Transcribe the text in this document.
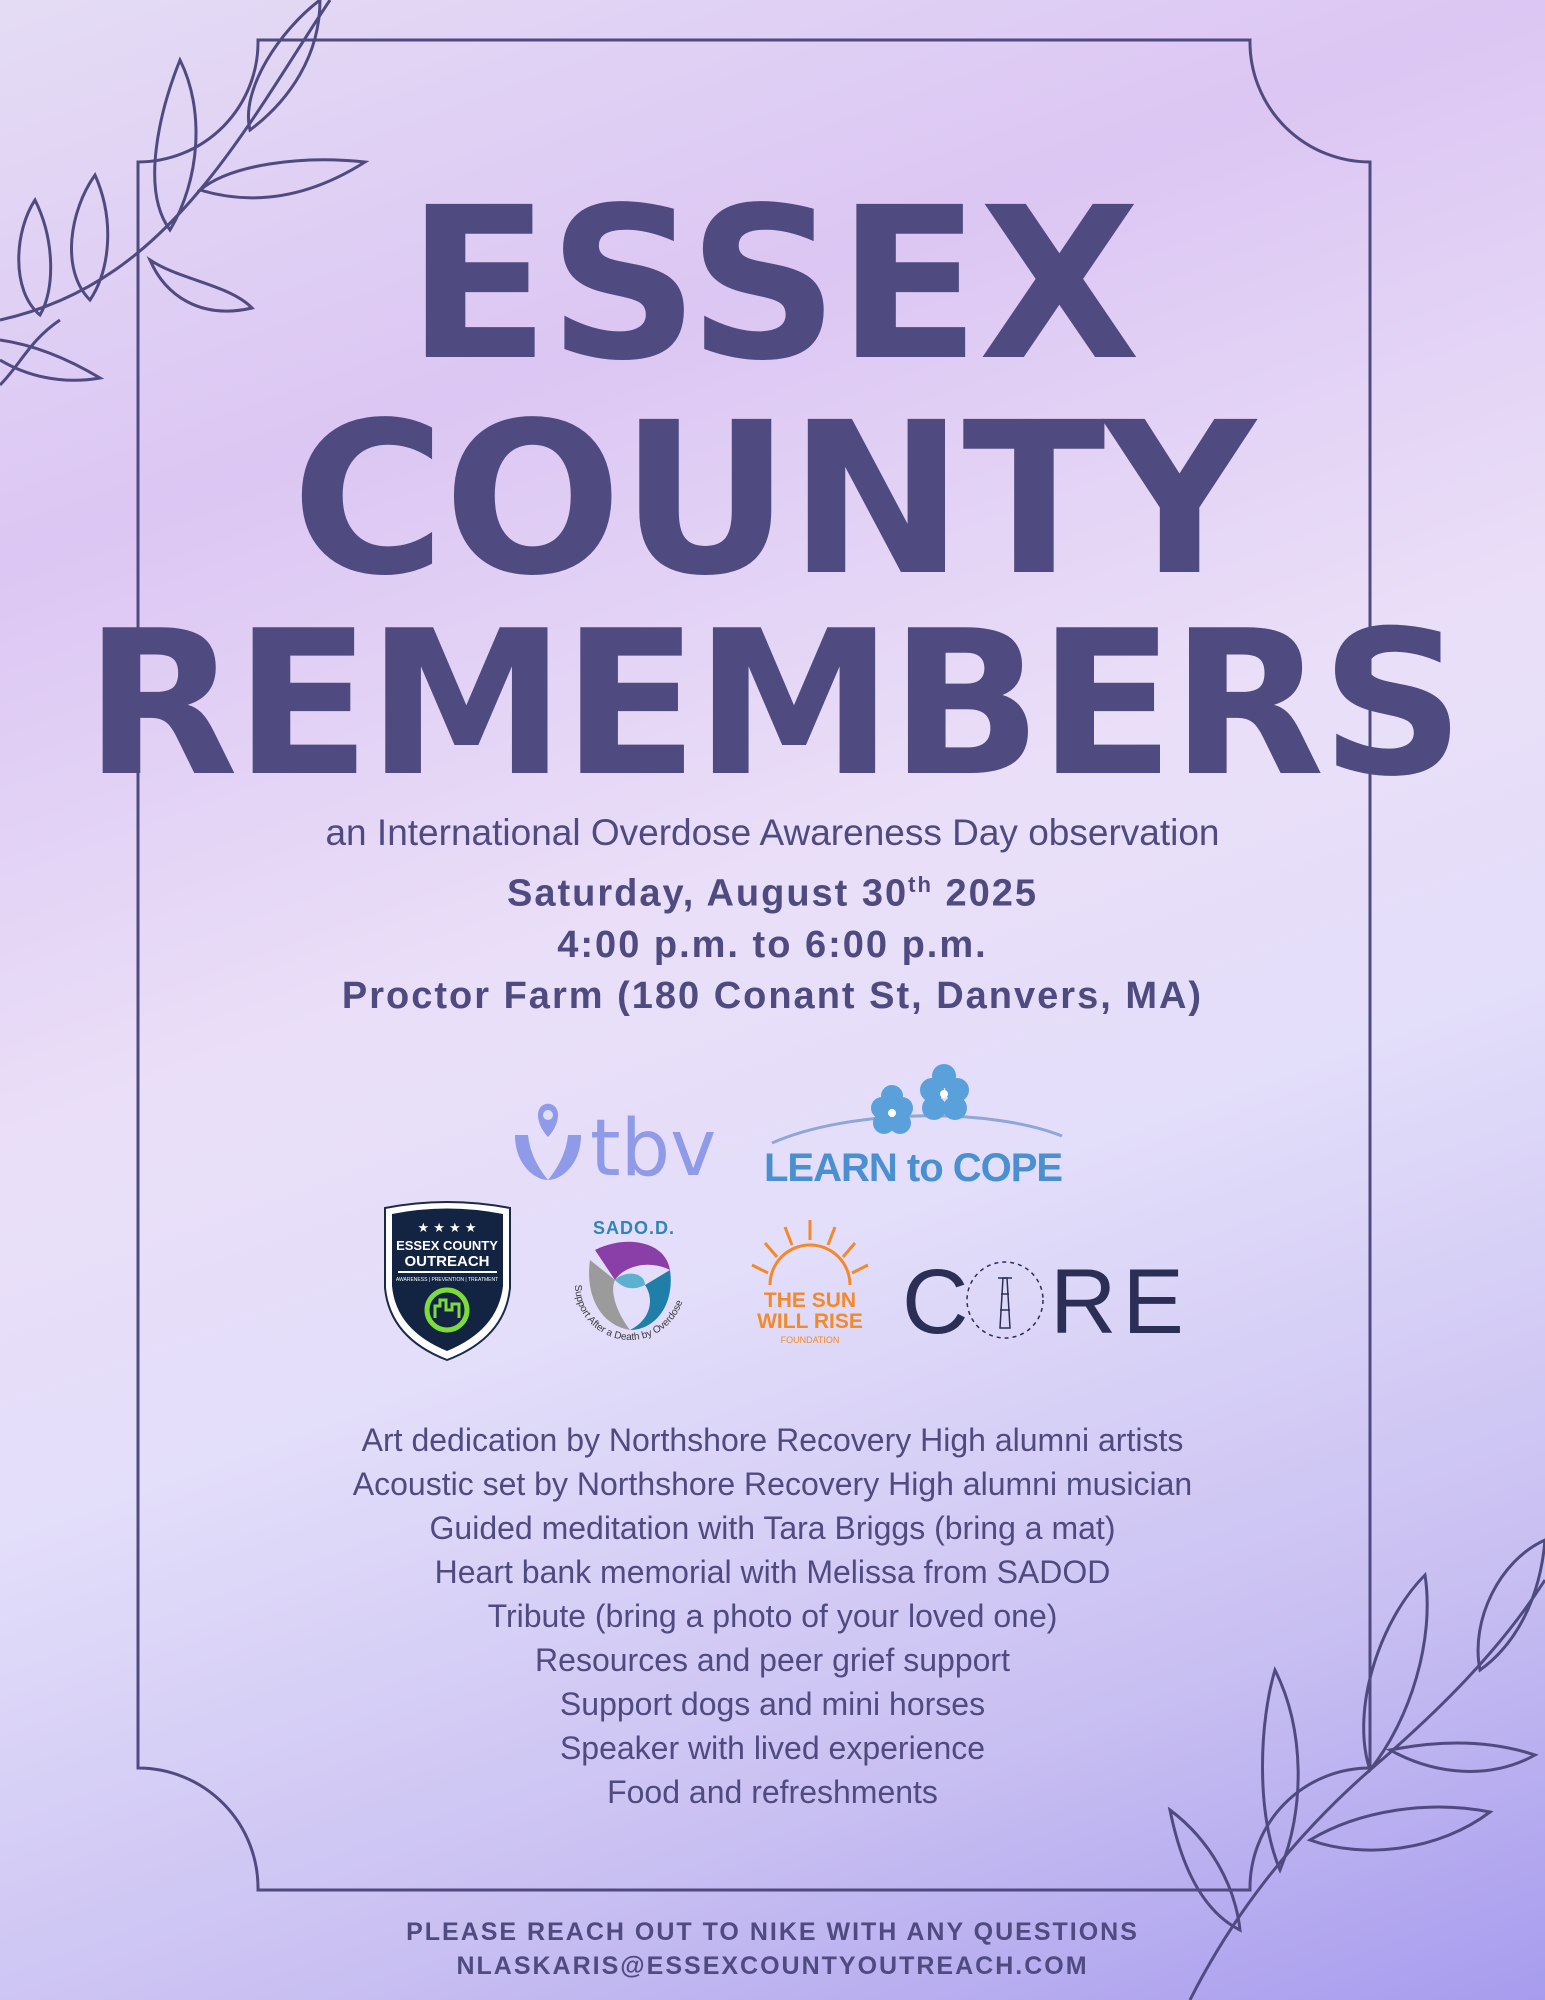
ESSEX
COUNTY
REMEMBERS
an International Overdose Awareness Day observation
Saturday, August 30th 2025
4:00 p.m. to 6:00 p.m.
Proctor Farm (180 Conant St, Danvers, MA)
tbv LEARN to COPE
★ ★ ★ ★
ESSEX COUNTY
OUTREACH
AWARENESS | PREVENTION | TREATMENT
SADO.D.
Support After a Death by Overdose	THE SUN
WILL RISE
FOUNDATION C RE
Art dedication by Northshore Recovery High alumni artists
Acoustic set by Northshore Recovery High alumni musician
Guided meditation with Tara Briggs (bring a mat)
Heart bank memorial with Melissa from SADOD
Tribute (bring a photo of your loved one)
Resources and peer grief support
Support dogs and mini horses
Speaker with lived experience
Food and refreshments
PLEASE REACH OUT TO NIKE WITH ANY QUESTIONS
NLASKARIS@ESSEXCOUNTYOUTREACH.COM
